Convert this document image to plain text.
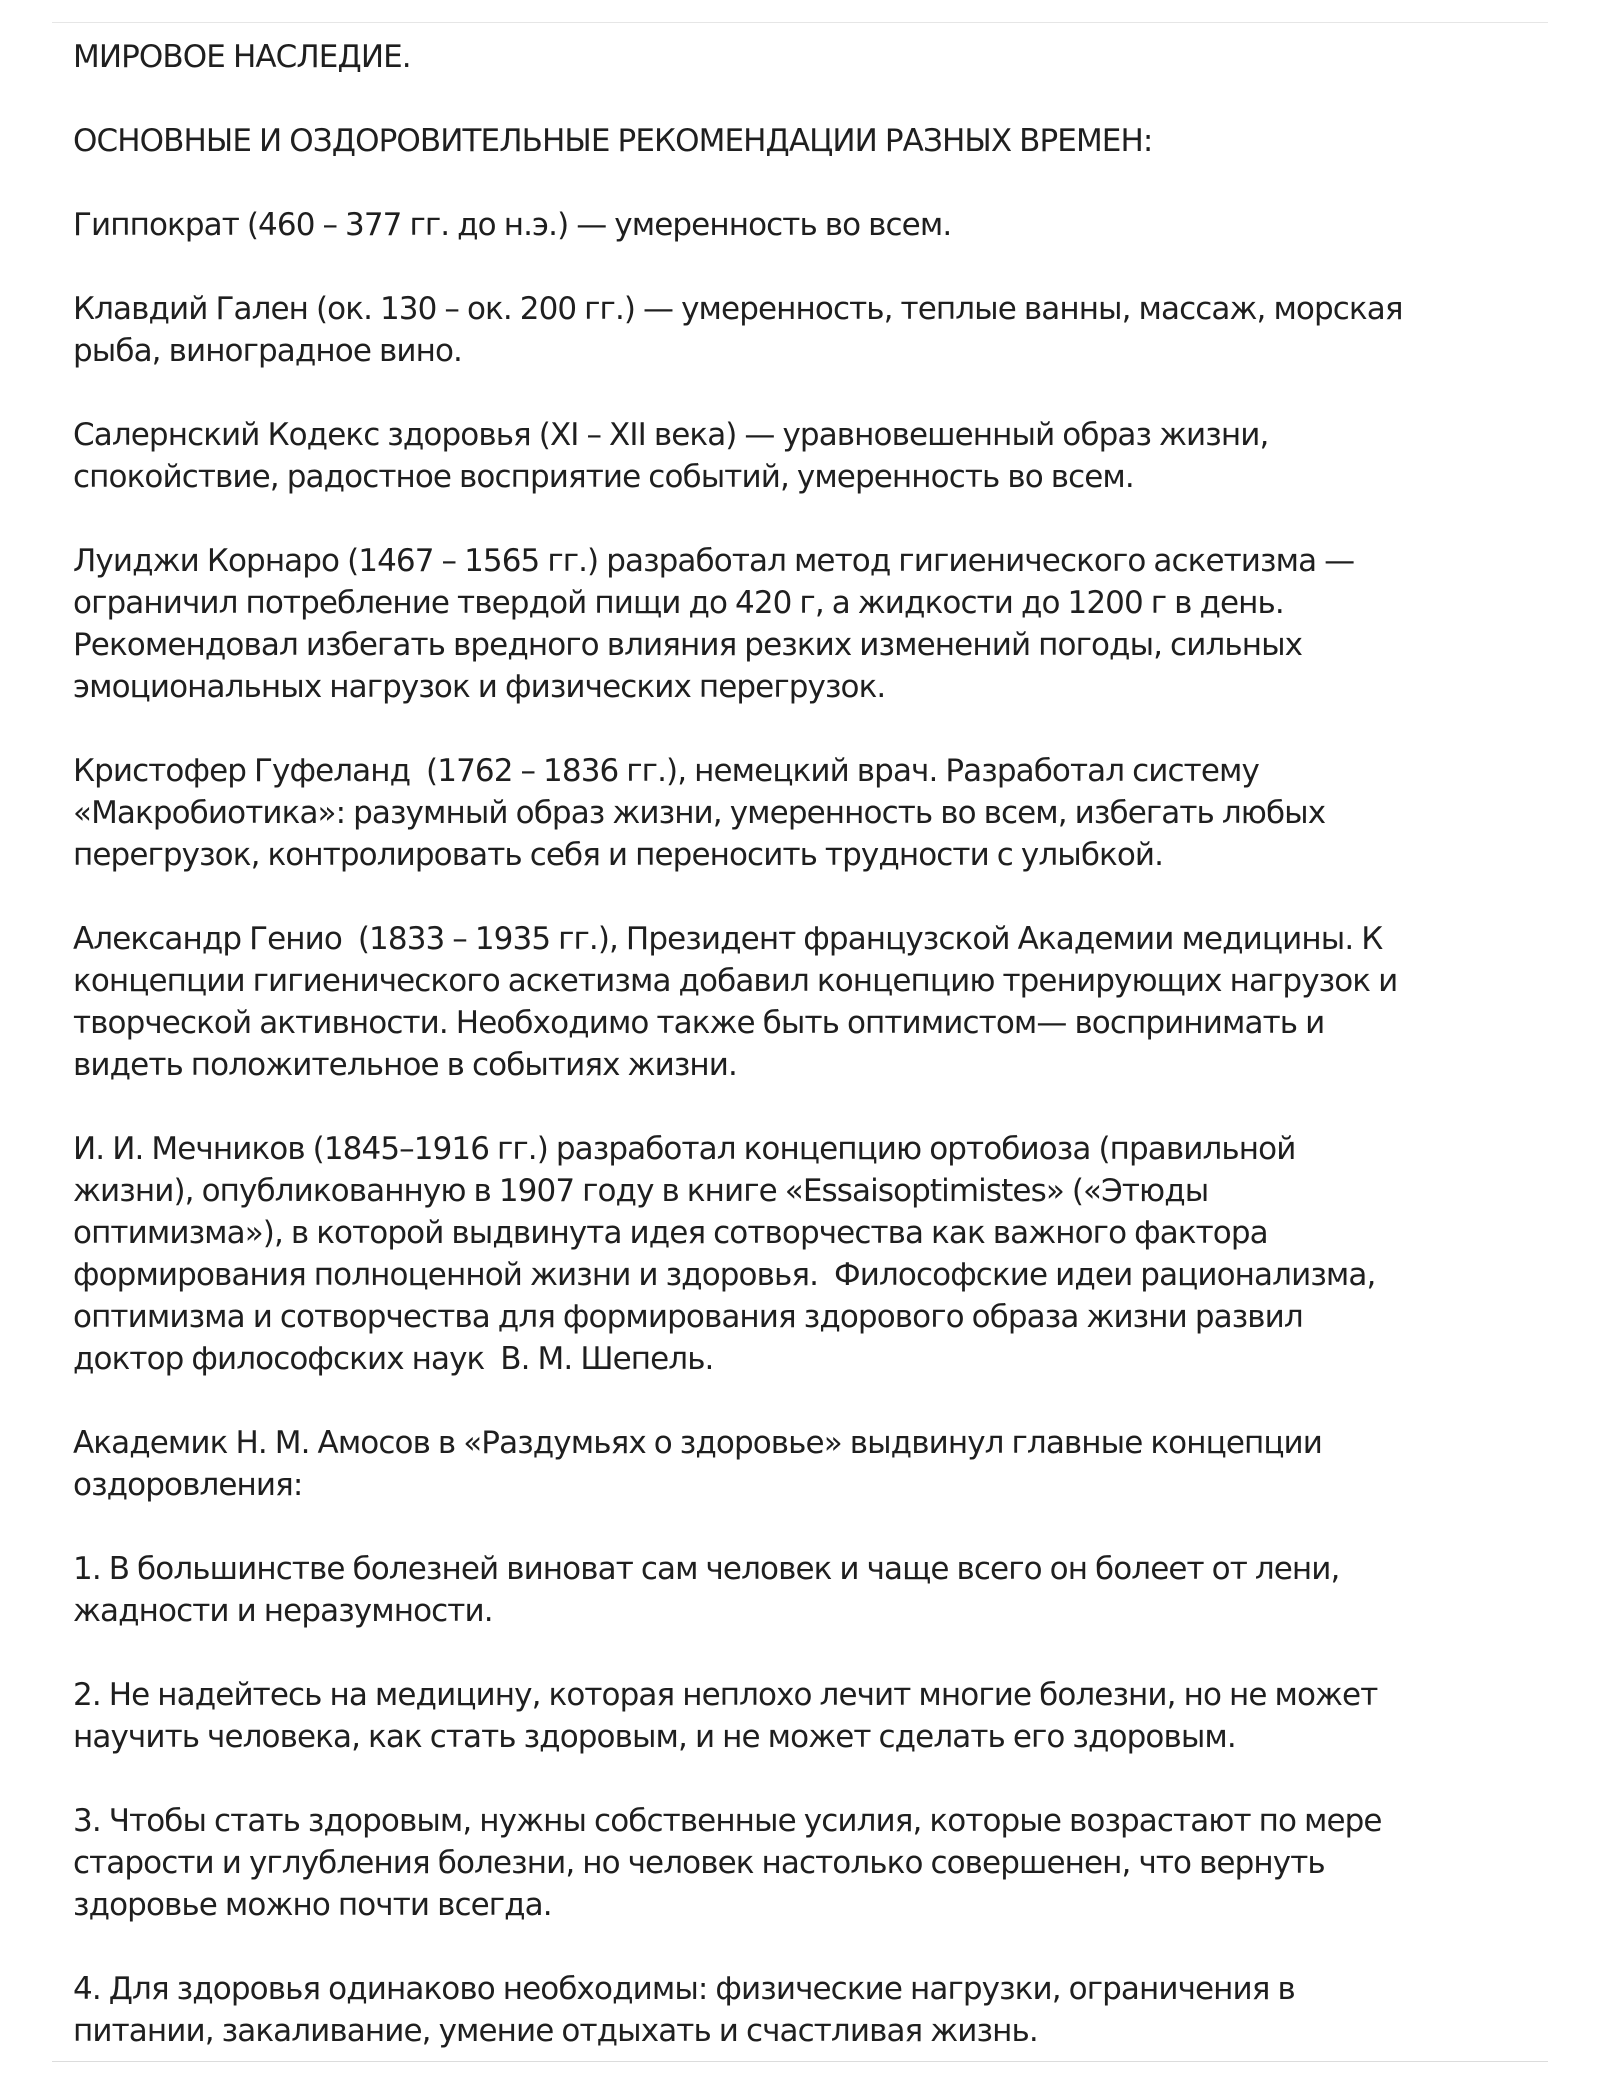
МИРОВОЕ НАСЛЕДИЕ.
ОСНОВНЫЕ И ОЗДОРОВИТЕЛЬНЫЕ РЕКОМЕНДАЦИИ РАЗНЫХ ВРЕМЕН:
Гиппократ (460 – 377 гг. до н.э.) — умеренность во всем.
Клавдий Гален (ок. 130 – ок. 200 гг.) — умеренность, теплые ванны, массаж, морская
рыба, виноградное вино.
Салернский Кодекс здоровья (XI – XII века) — уравновешенный образ жизни,
спокойствие, радостное восприятие событий, умеренность во всем.
Луиджи Корнаро (1467 – 1565 гг.) разработал метод гигиенического аскетизма —
ограничил потребление твердой пищи до 420 г, а жидкости до 1200 г в день.
Рекомендовал избегать вредного влияния резких изменений погоды, сильных
эмоциональных нагрузок и физических перегрузок.
Кристофер Гуфеланд  (1762 – 1836 гг.), немецкий врач. Разработал систему
«Макробиотика»: разумный образ жизни, умеренность во всем, избегать любых
перегрузок, контролировать себя и переносить трудности с улыбкой.
Александр Генио  (1833 – 1935 гг.), Президент французской Академии медицины. К
концепции гигиенического аскетизма добавил концепцию тренирующих нагрузок и
творческой активности. Необходимо также быть оптимистом— воспринимать и
видеть положительное в событиях жизни.
И. И. Мечников (1845–1916 гг.) разработал концепцию ортобиоза (правильной
жизни), опубликованную в 1907 году в книге «Essaisoptimistes» («Этюды
оптимизма»), в которой выдвинута идея сотворчества как важного фактора
формирования полноценной жизни и здоровья.  Философские идеи рационализма,
оптимизма и сотворчества для формирования здорового образа жизни развил
доктор философских наук  В. М. Шепель.
Академик Н. М. Амосов в «Раздумьях о здоровье» выдвинул главные концепции
оздоровления:
1. В большинстве болезней виноват сам человек и чаще всего он болеет от лени,
жадности и неразумности.
2. Не надейтесь на медицину, которая неплохо лечит многие болезни, но не может
научить человека, как стать здоровым, и не может сделать его здоровым.
3. Чтобы стать здоровым, нужны собственные усилия, которые возрастают по мере
старости и углубления болезни, но человек настолько совершенен, что вернуть
здоровье можно почти всегда.
4. Для здоровья одинаково необходимы: физические нагрузки, ограничения в
питании, закаливание, умение отдыхать и счастливая жизнь.
